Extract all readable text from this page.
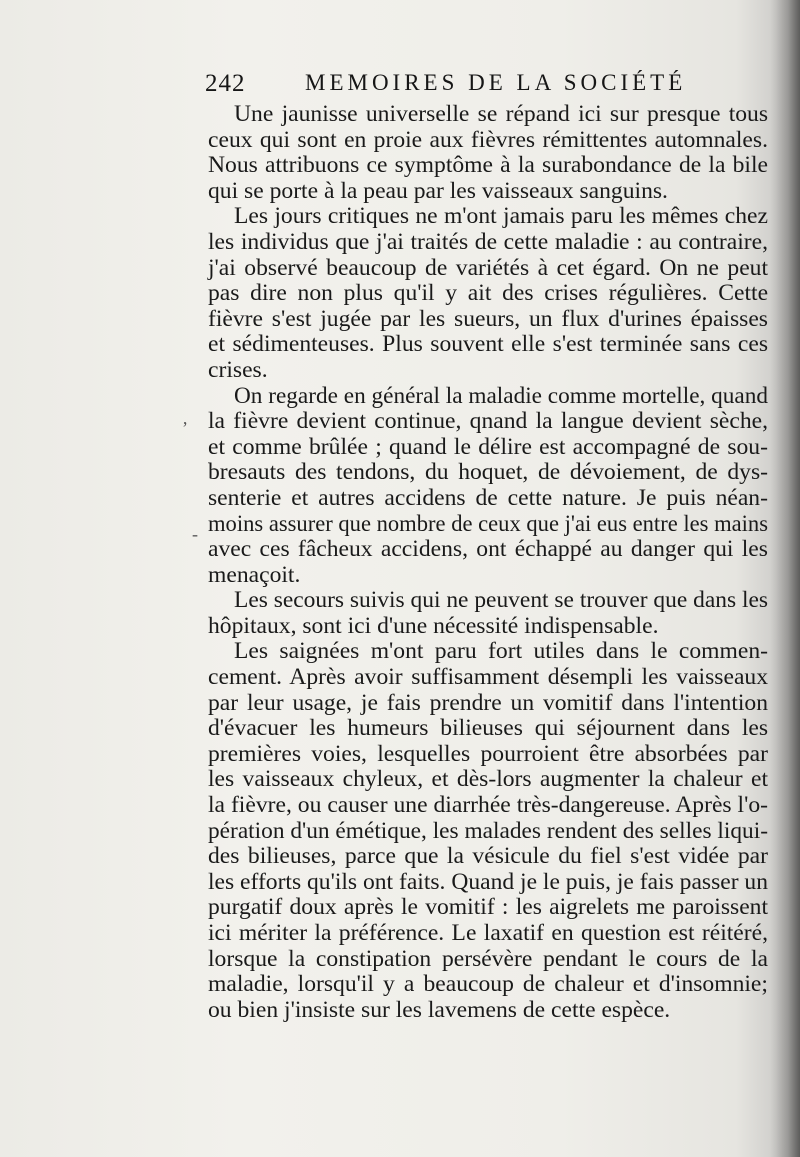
242	MEMOIRES DE LA SOCIÉTÉ
ʼ
-
Une jaunisse universelle se répand ici sur presque tous
ceux qui sont en proie aux fièvres rémittentes automnales.
Nous attribuons ce symptôme à la surabondance de la bile
qui se porte à la peau par les vaisseaux sanguins.
Les jours critiques ne m'ont jamais paru les mêmes chez
les individus que j'ai traités de cette maladie : au contraire,
j'ai observé beaucoup de variétés à cet égard. On ne peut
pas dire non plus qu'il y ait des crises régulières. Cette
fièvre s'est jugée par les sueurs, un flux d'urines épaisses
et sédimenteuses. Plus souvent elle s'est terminée sans ces
crises.
On regarde en général la maladie comme mortelle, quand
la fièvre devient continue, qnand la langue devient sèche,
et comme brûlée ; quand le délire est accompagné de sou-
bresauts des tendons, du hoquet, de dévoiement, de dys-
senterie et autres accidens de cette nature. Je puis néan-
moins assurer que nombre de ceux que j'ai eus entre les mains
avec ces fâcheux accidens, ont échappé au danger qui les
menaçoit.
Les secours suivis qui ne peuvent se trouver que dans les
hôpitaux, sont ici d'une nécessité indispensable.
Les saignées m'ont paru fort utiles dans le commen-
cement. Après avoir suffisamment désempli les vaisseaux
par leur usage, je fais prendre un vomitif dans l'intention
d'évacuer les humeurs bilieuses qui séjournent dans les
premières voies, lesquelles pourroient être absorbées par
les vaisseaux chyleux, et dès-lors augmenter la chaleur et
la fièvre, ou causer une diarrhée très-dangereuse. Après l'o-
pération d'un émétique, les malades rendent des selles liqui-
des bilieuses, parce que la vésicule du fiel s'est vidée par
les efforts qu'ils ont faits. Quand je le puis, je fais passer un
purgatif doux après le vomitif : les aigrelets me paroissent
ici mériter la préférence. Le laxatif en question est réitéré,
lorsque la constipation persévère pendant le cours de la
maladie, lorsqu'il y a beaucoup de chaleur et d'insomnie;
ou bien j'insiste sur les lavemens de cette espèce.
